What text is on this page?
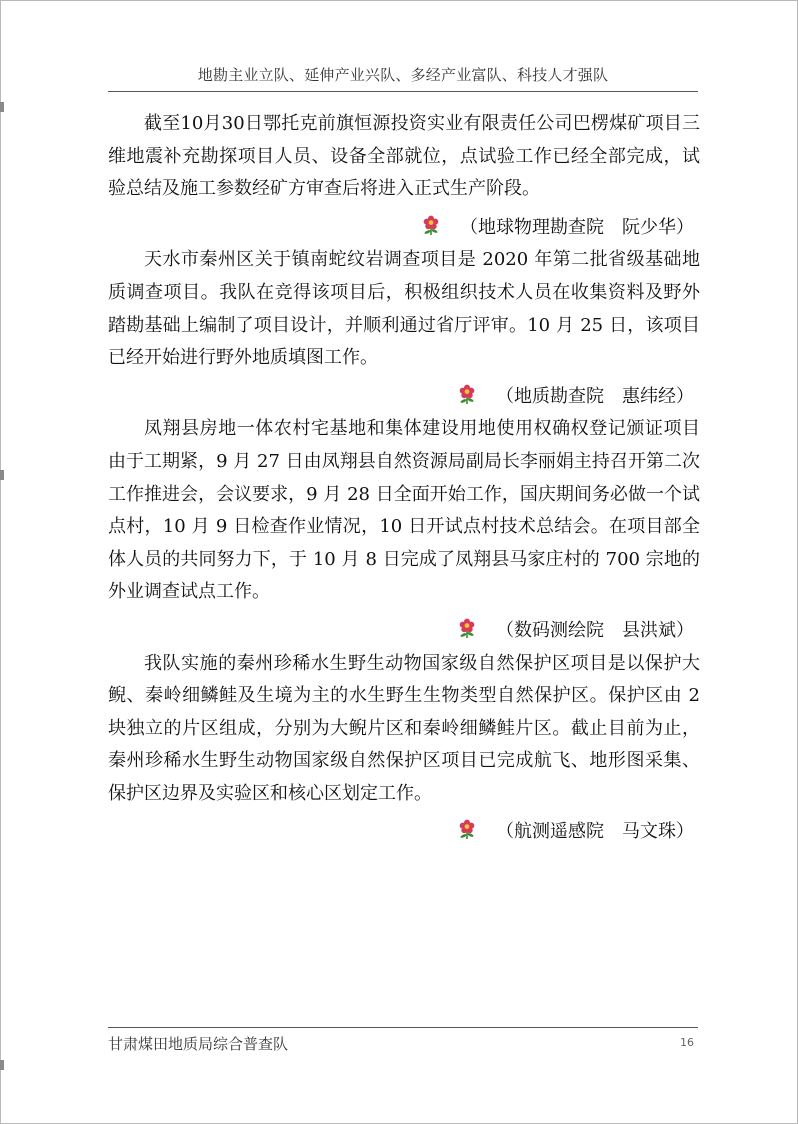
地勘主业立队、延伸产业兴队、多经产业富队、科技人才强队

截至10月30日鄂托克前旗恒源投资实业有限责任公司巴楞煤矿项目三维地震补充勘探项目人员、设备全部就位，点试验工作已经全部完成，试验总结及施工参数经矿方审查后将进入正式生产阶段。

（地球物理勘查院　阮少华）

天水市秦州区关于镇南蛇纹岩调查项目是 2020 年第二批省级基础地质调查项目。我队在竞得该项目后，积极组织技术人员在收集资料及野外踏勘基础上编制了项目设计，并顺利通过省厅评审。10 月 25 日，该项目已经开始进行野外地质填图工作。

（地质勘查院　惠纬经）

凤翔县房地一体农村宅基地和集体建设用地使用权确权登记颁证项目由于工期紧，9 月 27 日由凤翔县自然资源局副局长李丽娟主持召开第二次工作推进会，会议要求，9 月 28 日全面开始工作，国庆期间务必做一个试点村，10 月 9 日检查作业情况，10 日开试点村技术总结会。在项目部全体人员的共同努力下，于 10 月 8 日完成了凤翔县马家庄村的 700 宗地的外业调查试点工作。

（数码测绘院　县洪斌）

我队实施的秦州珍稀水生野生动物国家级自然保护区项目是以保护大鲵、秦岭细鳞鲑及生境为主的水生野生生物类型自然保护区。保护区由 2 块独立的片区组成，分别为大鲵片区和秦岭细鳞鲑片区。截止目前为止，秦州珍稀水生野生动物国家级自然保护区项目已完成航飞、地形图采集、保护区边界及实验区和核心区划定工作。

（航测遥感院　马文珠）

甘肃煤田地质局综合普查队	16
